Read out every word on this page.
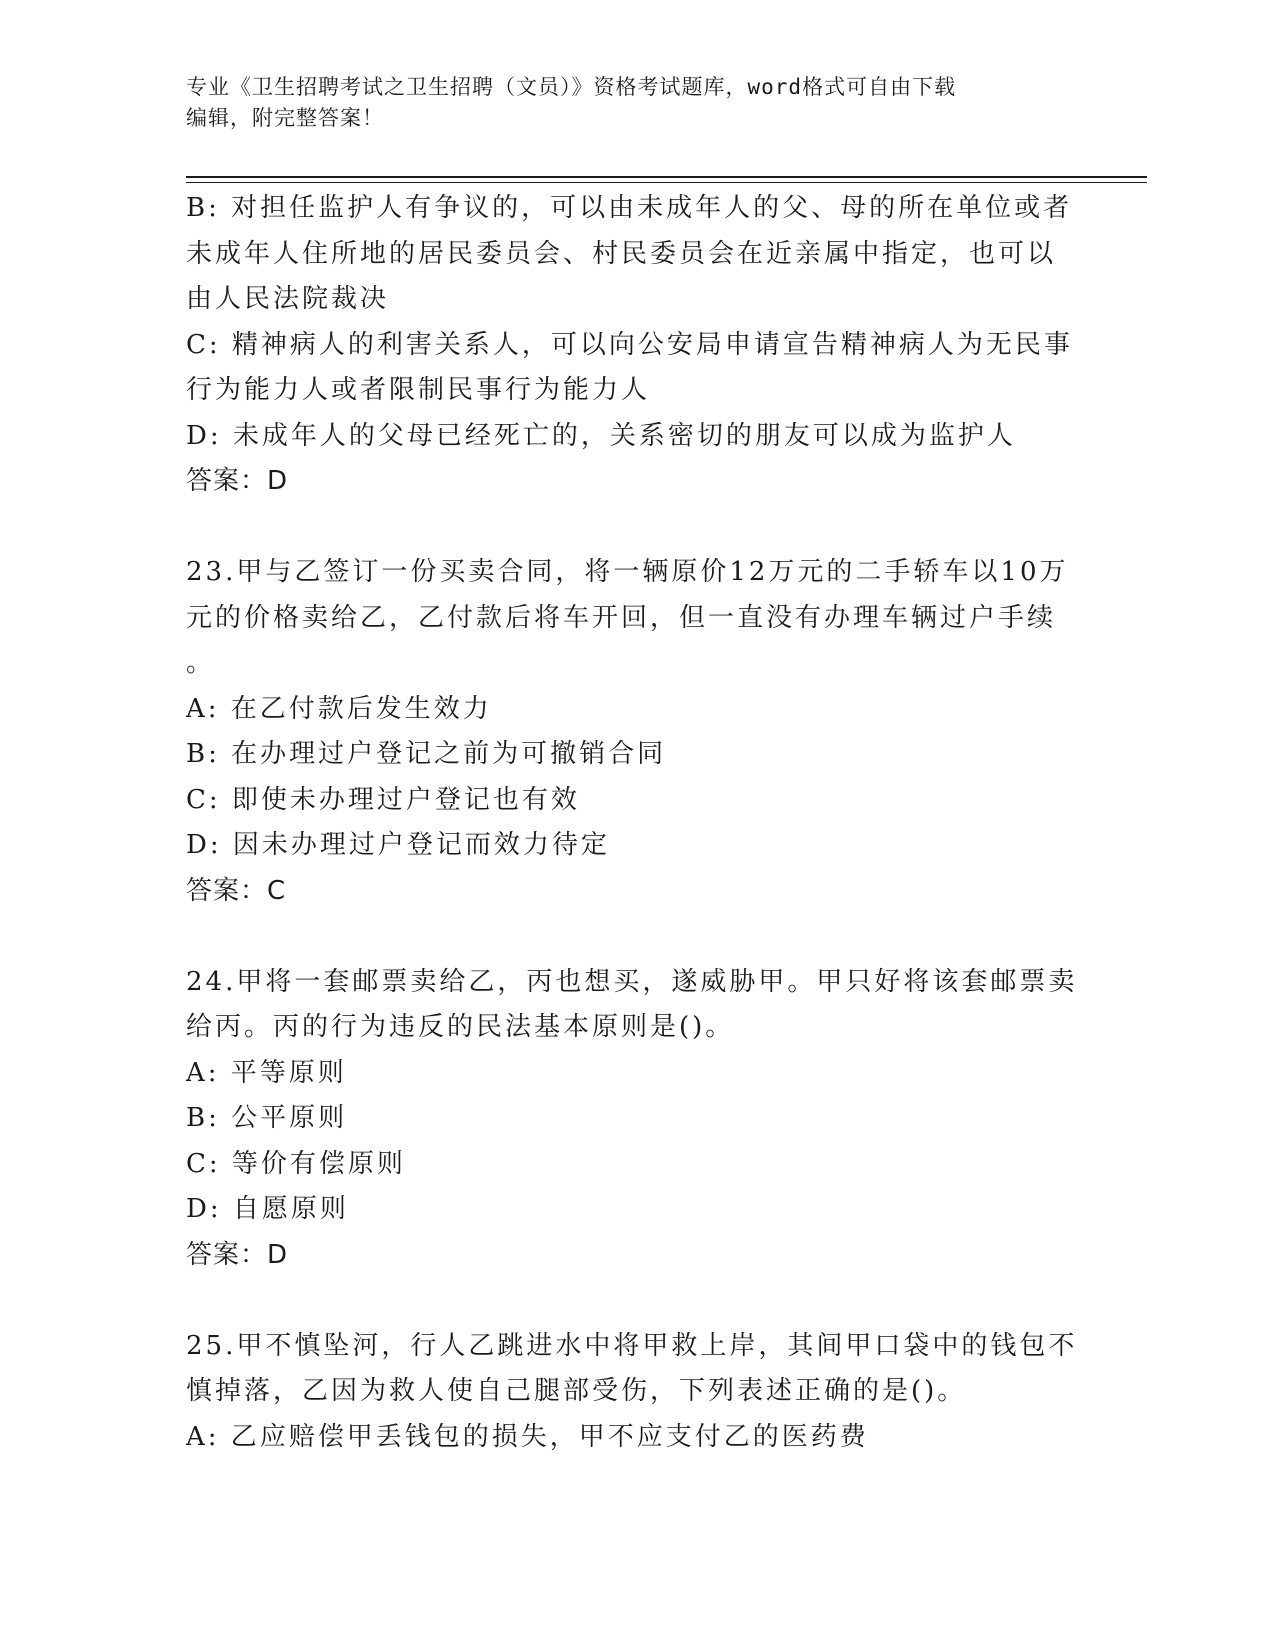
专业《卫生招聘考试之卫生招聘（文员）》资格考试题库，word格式可自由下载
编辑，附完整答案！
B: 对担任监护人有争议的，可以由未成年人的父、母的所在单位或者
未成年人住所地的居民委员会、村民委员会在近亲属中指定，也可以
由人民法院裁决
C: 精神病人的利害关系人，可以向公安局申请宣告精神病人为无民事
行为能力人或者限制民事行为能力人
D: 未成年人的父母已经死亡的，关系密切的朋友可以成为监护人
答案：D
23.甲与乙签订一份买卖合同，将一辆原价12万元的二手轿车以10万
元的价格卖给乙，乙付款后将车开回，但一直没有办理车辆过户手续
。
A: 在乙付款后发生效力
B: 在办理过户登记之前为可撤销合同
C: 即使未办理过户登记也有效
D: 因未办理过户登记而效力待定
答案：C
24.甲将一套邮票卖给乙，丙也想买，遂威胁甲。甲只好将该套邮票卖
给丙。丙的行为违反的民法基本原则是()。
A: 平等原则
B: 公平原则
C: 等价有偿原则
D: 自愿原则
答案：D
25.甲不慎坠河，行人乙跳进水中将甲救上岸，其间甲口袋中的钱包不
慎掉落，乙因为救人使自己腿部受伤，下列表述正确的是()。
A: 乙应赔偿甲丢钱包的损失，甲不应支付乙的医药费
